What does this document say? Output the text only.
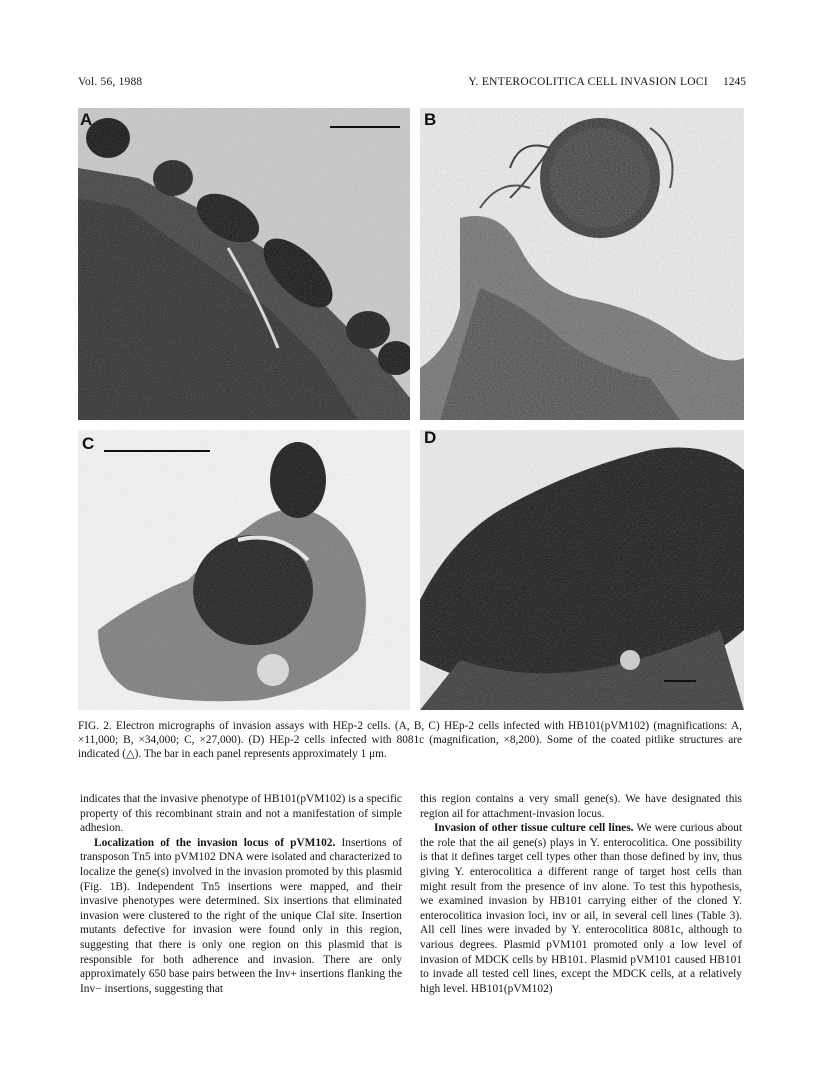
Vol. 56, 1988	Y. ENTEROCOLITICA CELL INVASION LOCI 1245
A	B
C	D
FIG. 2. Electron micrographs of invasion assays with HEp-2 cells. (A, B, C) HEp-2 cells infected with HB101(pVM102) (magnifications: A, ×11,000; B, ×34,000; C, ×27,000). (D) HEp-2 cells infected with 8081c (magnification, ×8,200). Some of the coated pitlike structures are indicated (△). The bar in each panel represents approximately 1 μm.

indicates that the invasive phenotype of HB101(pVM102) is a specific property of this recombinant strain and not a manifestation of simple adhesion.

Localization of the invasion locus of pVM102. Insertions of transposon Tn5 into pVM102 DNA were isolated and characterized to localize the gene(s) involved in the invasion promoted by this plasmid (Fig. 1B). Independent Tn5 insertions were mapped, and their invasive phenotypes were determined. Six insertions that eliminated invasion were clustered to the right of the unique ClaI site. Insertion mutants defective for invasion were found only in this region, suggesting that there is only one region on this plasmid that is responsible for both adherence and invasion. There are only approximately 650 base pairs between the Inv+ insertions flanking the Inv− insertions, suggesting that

this region contains a very small gene(s). We have designated this region ail for attachment-invasion locus.

Invasion of other tissue culture cell lines. We were curious about the role that the ail gene(s) plays in Y. enterocolitica. One possibility is that it defines target cell types other than those defined by inv, thus giving Y. enterocolitica a different range of target host cells than might result from the presence of inv alone. To test this hypothesis, we examined invasion by HB101 carrying either of the cloned Y. enterocolitica invasion loci, inv or ail, in several cell lines (Table 3). All cell lines were invaded by Y. enterocolitica 8081c, although to various degrees. Plasmid pVM101 promoted only a low level of invasion of MDCK cells by HB101. Plasmid pVM101 caused HB101 to invade all tested cell lines, except the MDCK cells, at a relatively high level. HB101(pVM102)
